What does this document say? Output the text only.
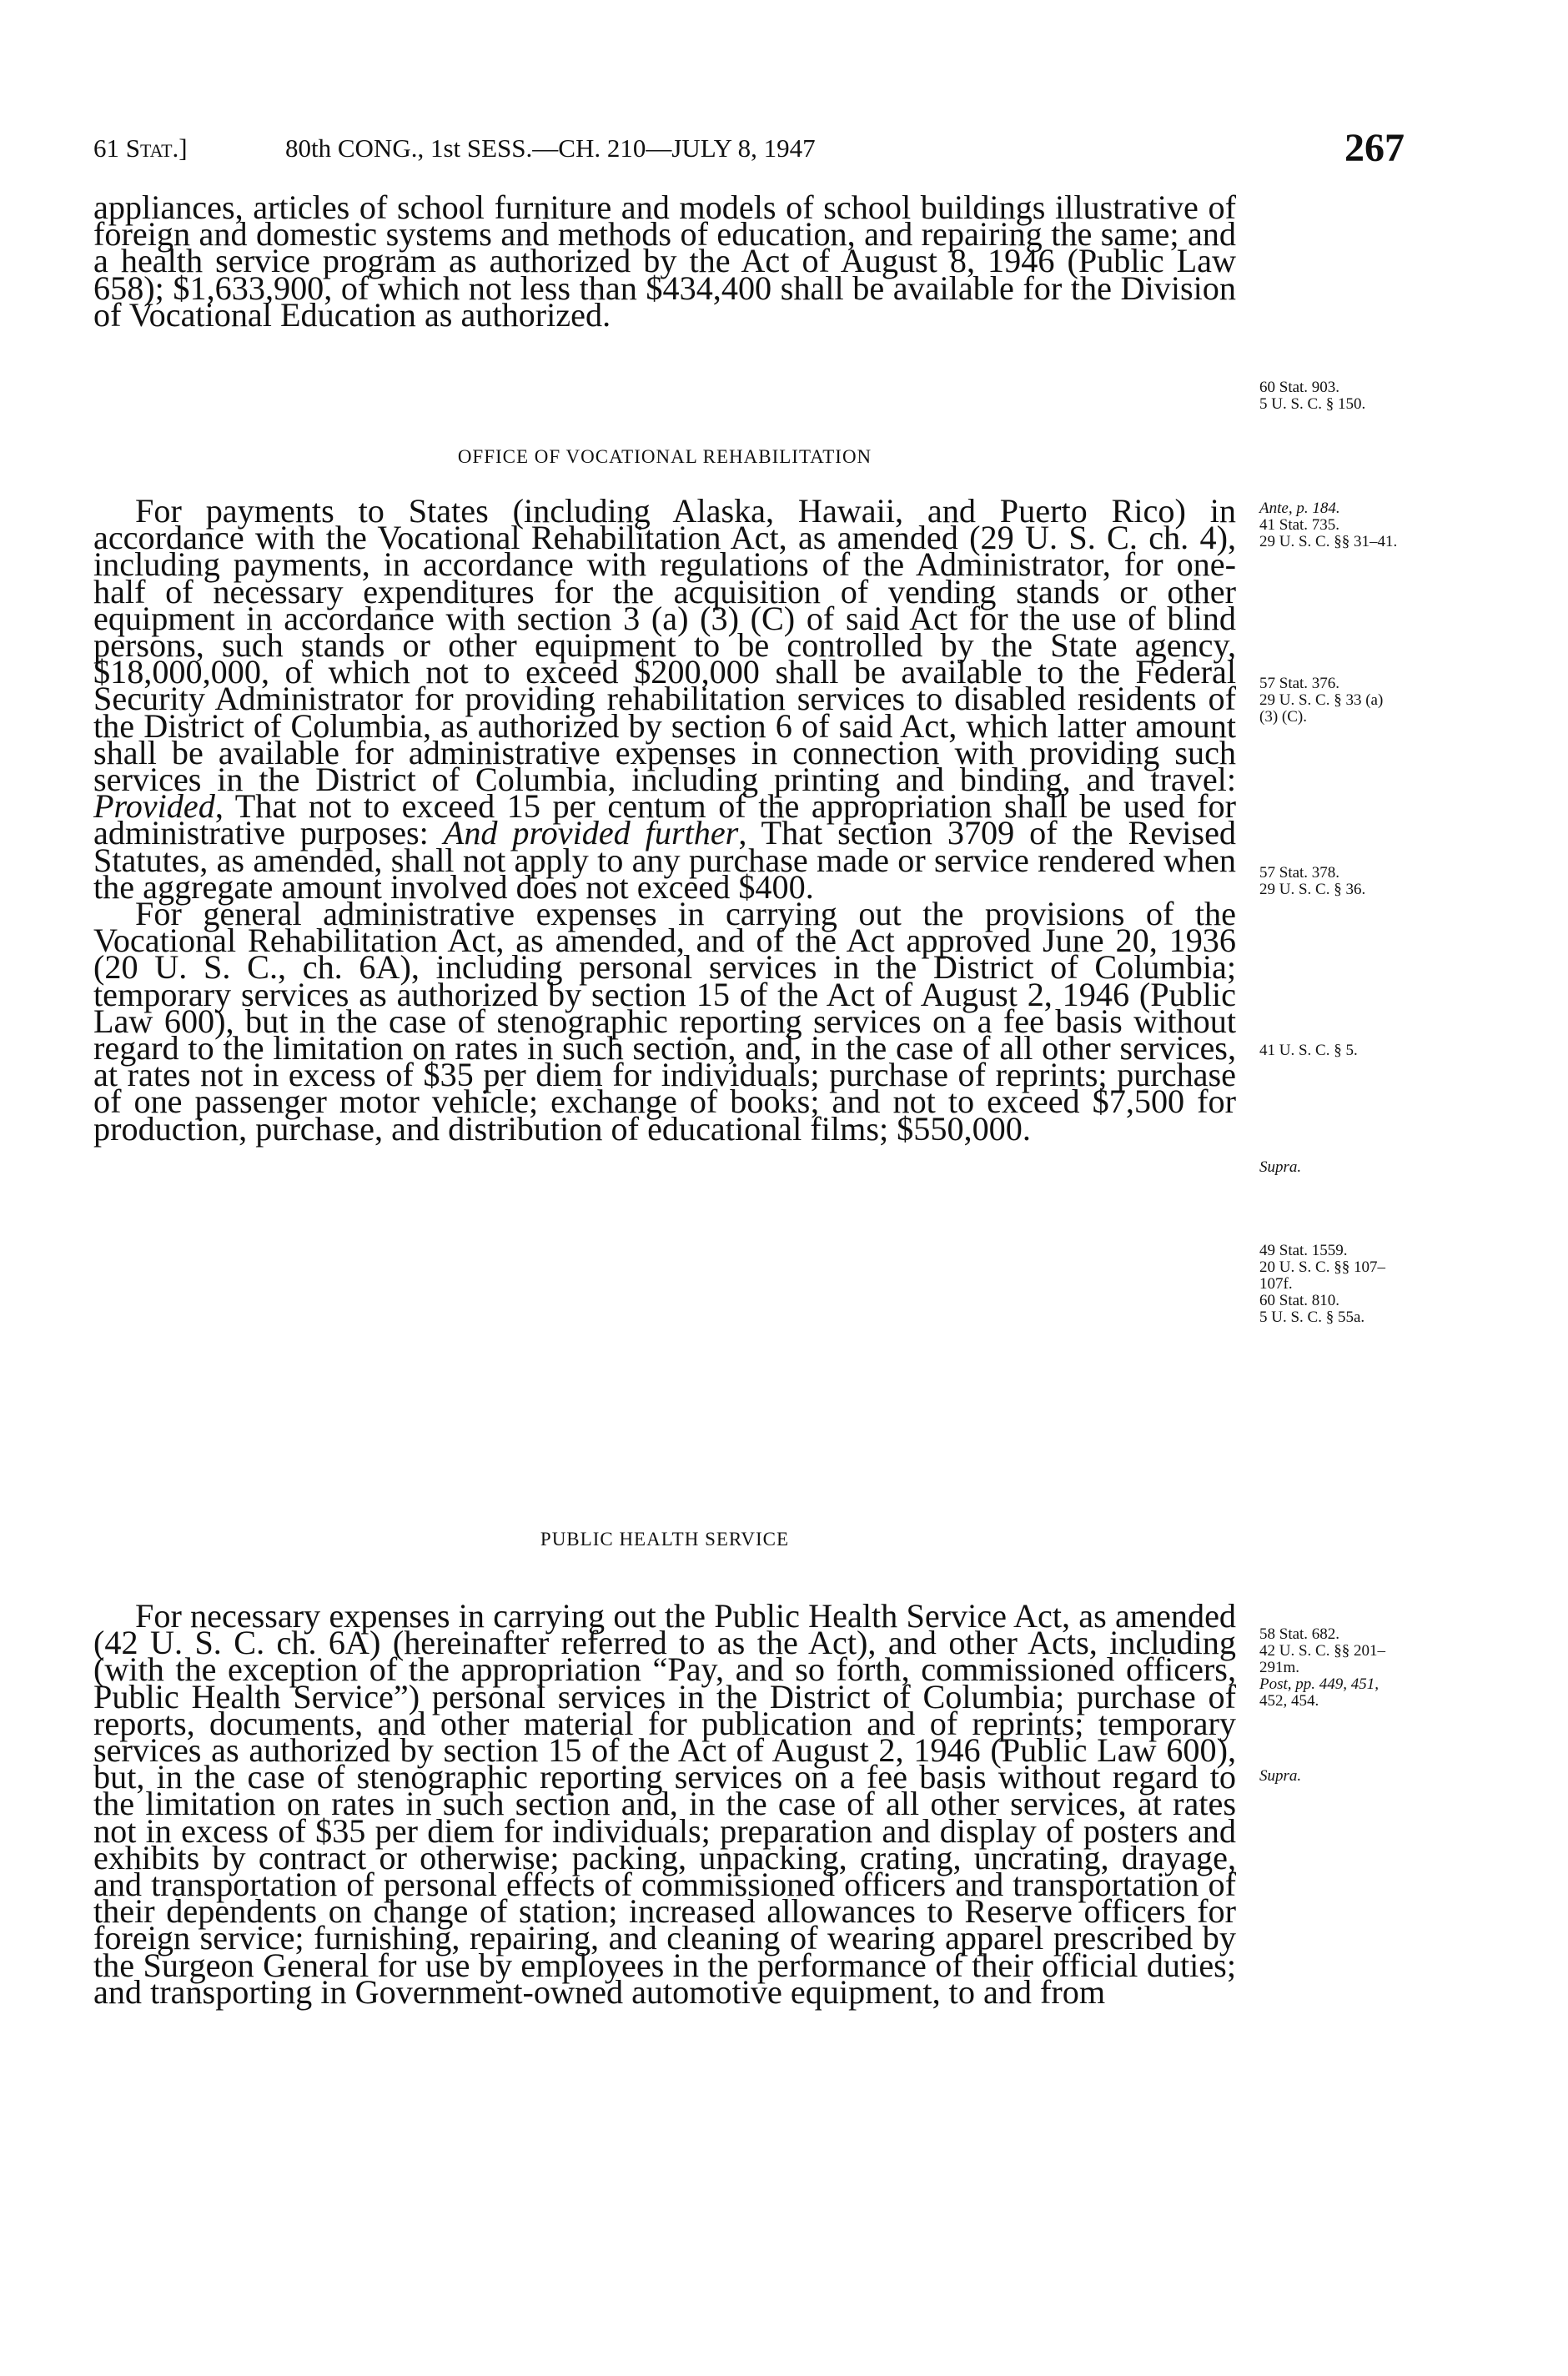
61 Stat.]	80th CONG., 1st SESS.—CH. 210—JULY 8, 1947	267

appliances, articles of school furniture and models of school buildings illustrative of foreign and domestic systems and methods of education, and repairing the same; and a health service program as authorized by the Act of August 8, 1946 (Public Law 658); $1,633,900, of which not less than $434,400 shall be available for the Division of Vocational Education as authorized.

OFFICE OF VOCATIONAL REHABILITATION

For payments to States (including Alaska, Hawaii, and Puerto Rico) in accordance with the Vocational Rehabilitation Act, as amended (29 U. S. C. ch. 4), including payments, in accordance with regulations of the Administrator, for one-half of necessary expenditures for the acquisition of vending stands or other equipment in accordance with section 3 (a) (3) (C) of said Act for the use of blind persons, such stands or other equipment to be controlled by the State agency, $18,000,000, of which not to exceed $200,000 shall be available to the Federal Security Administrator for providing rehabilitation services to disabled residents of the District of Columbia, as authorized by section 6 of said Act, which latter amount shall be available for administrative expenses in connection with providing such services in the District of Columbia, including printing and binding, and travel: Provided, That not to exceed 15 per centum of the appropriation shall be used for administrative purposes: And provided further, That section 3709 of the Revised Statutes, as amended, shall not apply to any purchase made or service rendered when the aggregate amount involved does not exceed $400.

For general administrative expenses in carrying out the provisions of the Vocational Rehabilitation Act, as amended, and of the Act approved June 20, 1936 (20 U. S. C., ch. 6A), including personal services in the District of Columbia; temporary services as authorized by section 15 of the Act of August 2, 1946 (Public Law 600), but in the case of stenographic reporting services on a fee basis without regard to the limitation on rates in such section, and, in the case of all other services, at rates not in excess of $35 per diem for individuals; purchase of reprints; purchase of one passenger motor vehicle; exchange of books; and not to exceed $7,500 for production, purchase, and distribution of educational films; $550,000.

PUBLIC HEALTH SERVICE

For necessary expenses in carrying out the Public Health Service Act, as amended (42 U. S. C. ch. 6A) (hereinafter referred to as the Act), and other Acts, including (with the exception of the appropriation “Pay, and so forth, commissioned officers, Public Health Service”) personal services in the District of Columbia; purchase of reports, documents, and other material for publication and of reprints; temporary services as authorized by section 15 of the Act of August 2, 1946 (Public Law 600), but, in the case of stenographic reporting services on a fee basis without regard to the limitation on rates in such section and, in the case of all other services, at rates not in excess of $35 per diem for individuals; preparation and display of posters and exhibits by contract or otherwise; packing, unpacking, crating, uncrating, drayage, and transportation of personal effects of commissioned officers and transportation of their dependents on change of station; increased allowances to Reserve officers for foreign service; furnishing, repairing, and cleaning of wearing apparel prescribed by the Surgeon General for use by employees in the performance of their official duties; and transporting in Government-owned automotive equipment, to and from

60 Stat. 903.
5 U. S. C. § 150.
Ante, p. 184.
41 Stat. 735.
29 U. S. C. §§ 31–41.
57 Stat. 376.
29 U. S. C. § 33 (a)
(3) (C).
57 Stat. 378.
29 U. S. C. § 36.
41 U. S. C. § 5.
Supra.
49 Stat. 1559.
20 U. S. C. §§ 107–
107f.
60 Stat. 810.
5 U. S. C. § 55a.
58 Stat. 682.
42 U. S. C. §§ 201–
291m.
Post, pp. 449, 451,
452, 454.
Supra.
